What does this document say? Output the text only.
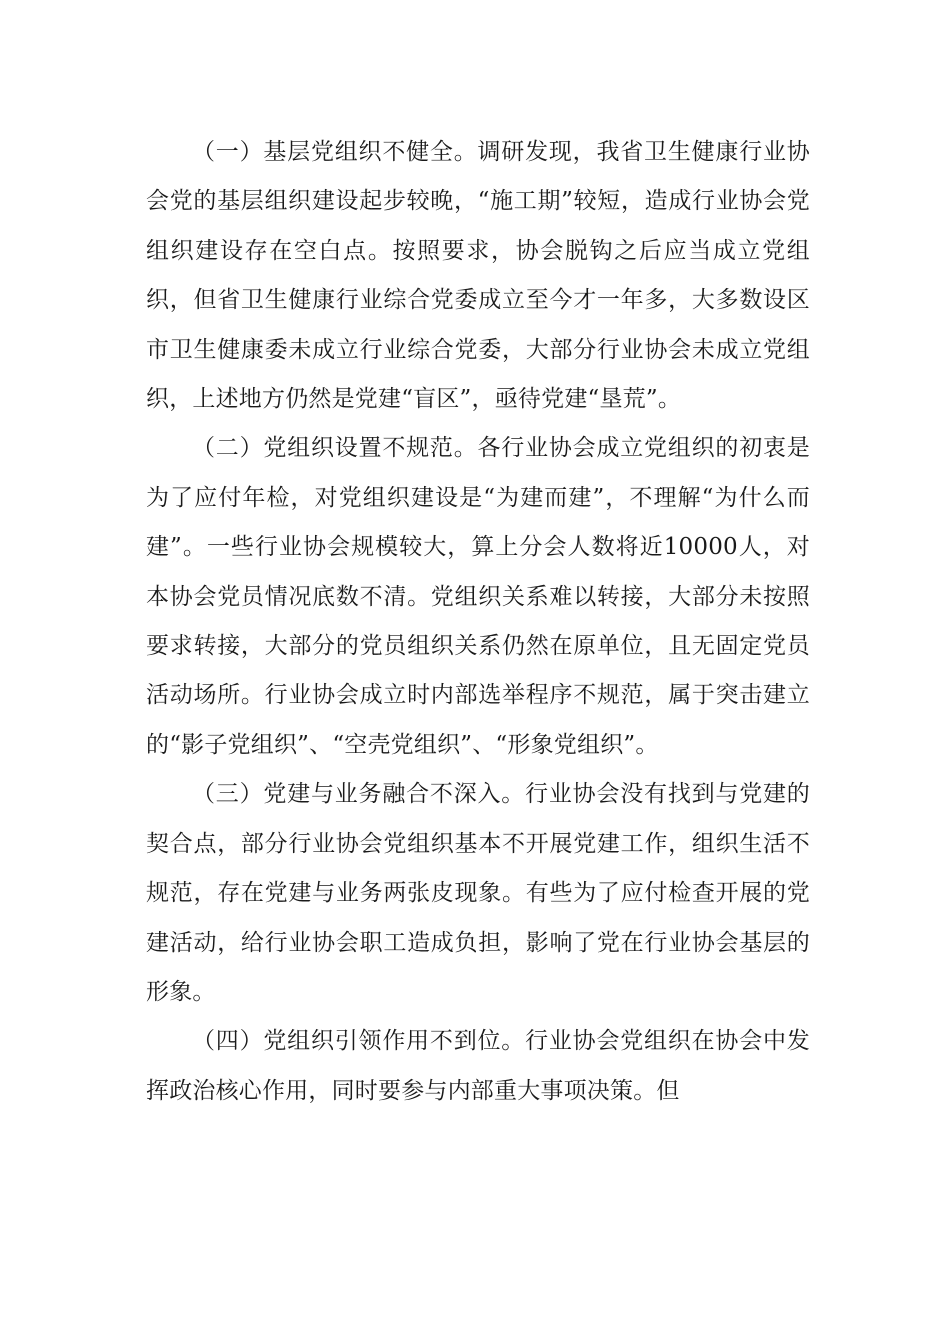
（一）基层党组织不健全。调研发现，我省卫生健康行业协会党的基层组织建设起步较晚，“施工期”较短，造成行业协会党组织建设存在空白点。按照要求，协会脱钩之后应当成立党组织，但省卫生健康行业综合党委成立至今才一年多，大多数设区市卫生健康委未成立行业综合党委，大部分行业协会未成立党组织，上述地方仍然是党建“盲区”，亟待党建“垦荒”。

（二）党组织设置不规范。各行业协会成立党组织的初衷是为了应付年检，对党组织建设是“为建而建”，不理解“为什么而建”。一些行业协会规模较大，算上分会人数将近10000人，对本协会党员情况底数不清。党组织关系难以转接，大部分未按照要求转接，大部分的党员组织关系仍然在原单位，且无固定党员活动场所。行业协会成立时内部选举程序不规范，属于突击建立的“影子党组织”、“空壳党组织”、“形象党组织”。

（三）党建与业务融合不深入。行业协会没有找到与党建的契合点，部分行业协会党组织基本不开展党建工作，组织生活不规范，存在党建与业务两张皮现象。有些为了应付检查开展的党建活动，给行业协会职工造成负担，影响了党在行业协会基层的形象。

（四）党组织引领作用不到位。行业协会党组织在协会中发挥政治核心作用，同时要参与内部重大事项决策。但
